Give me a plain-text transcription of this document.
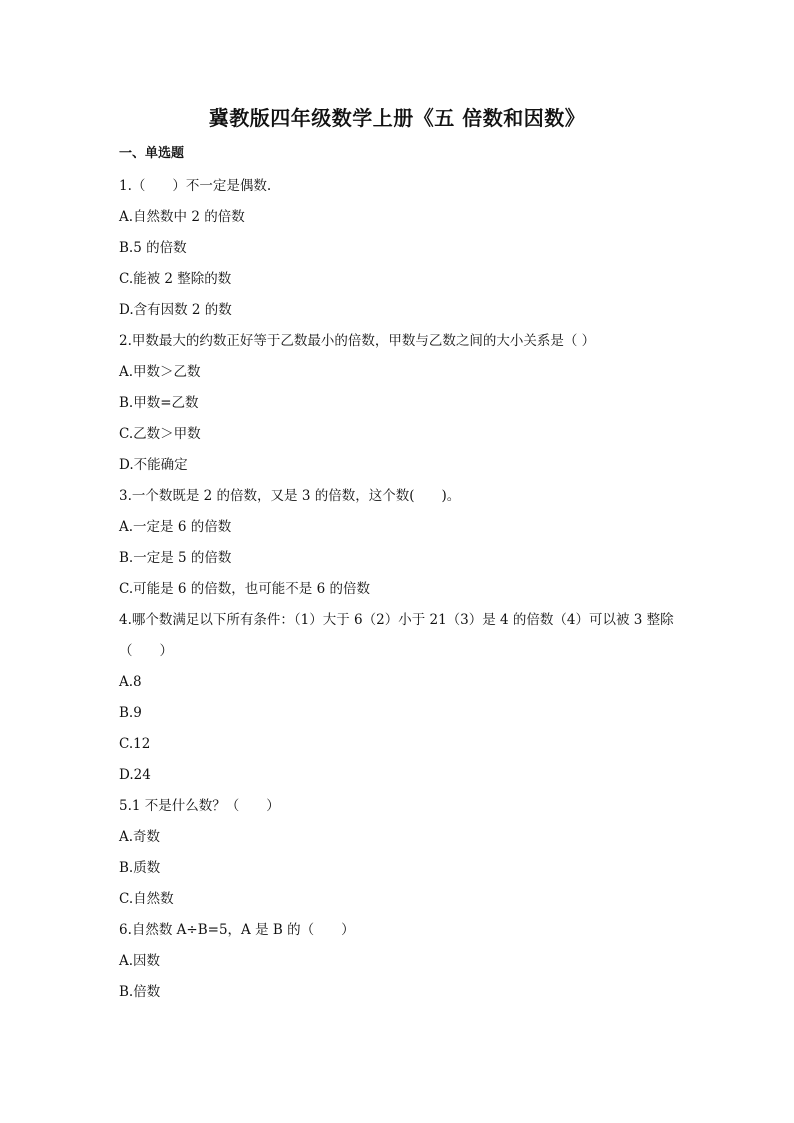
冀教版四年级数学上册《五 倍数和因数》
一、单选题
1.（　　）不一定是偶数.
A.自然数中 2 的倍数
B.5 的倍数
C.能被 2 整除的数
D.含有因数 2 的数
2.甲数最大的约数正好等于乙数最小的倍数，甲数与乙数之间的大小关系是（ ）
A.甲数＞乙数
B.甲数=乙数
C.乙数＞甲数
D.不能确定
3.一个数既是 2 的倍数，又是 3 的倍数，这个数(　　)。
A.一定是 6 的倍数
B.一定是 5 的倍数
C.可能是 6 的倍数，也可能不是 6 的倍数
4.哪个数满足以下所有条件：（1）大于 6（2）小于 21（3）是 4 的倍数（4）可以被 3 整除
（　　）
A.8
B.9
C.12
D.24
5.1 不是什么数？（　　）
A.奇数
B.质数
C.自然数
6.自然数 A÷B=5，A 是 B 的（　　）
A.因数
B.倍数
